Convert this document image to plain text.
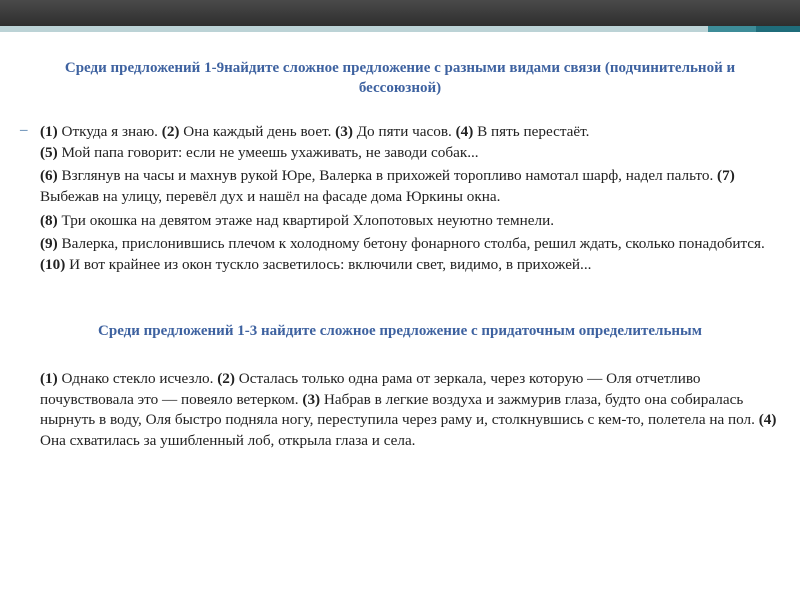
Среди предложений 1-9найдите сложное предложение с разными видами связи (подчинительной и бессоюзной)
– (1) Откуда я знаю. (2) Она каждый день воет. (3) До пяти часов. (4) В пять перестаёт.
(5) Мой папа говорит: если не умеешь ухаживать, не заводи собак...
(6) Взглянув на часы и махнув рукой Юре, Валерка в прихожей торопливо намотал шарф, надел пальто. (7) Выбежав на улицу, перевёл дух и нашёл на фасаде дома Юркины окна.
(8) Три окошка на девятом этаже над квартирой Хлопотовых неуютно темнели.
(9) Валерка, прислонившись плечом к холодному бетону фонарного столба, решил ждать, сколько понадобится. (10) И вот крайнее из окон тускло засветилось: включили свет, видимо, в прихожей...
Среди предложений 1-3 найдите сложное предложение с придаточным определительным
(1) Однако стекло исчезло. (2) Осталась только одна рама от зеркала, через которую — Оля отчетливо почувствовала это — повеяло ветерком. (3) Набрав в легкие воздуха и зажмурив глаза, будто она собиралась нырнуть в воду, Оля быстро подняла ногу, переступила через раму и, столкнувшись с кем-то, полетела на пол. (4) Она схватилась за ушибленный лоб, открыла глаза и села.
